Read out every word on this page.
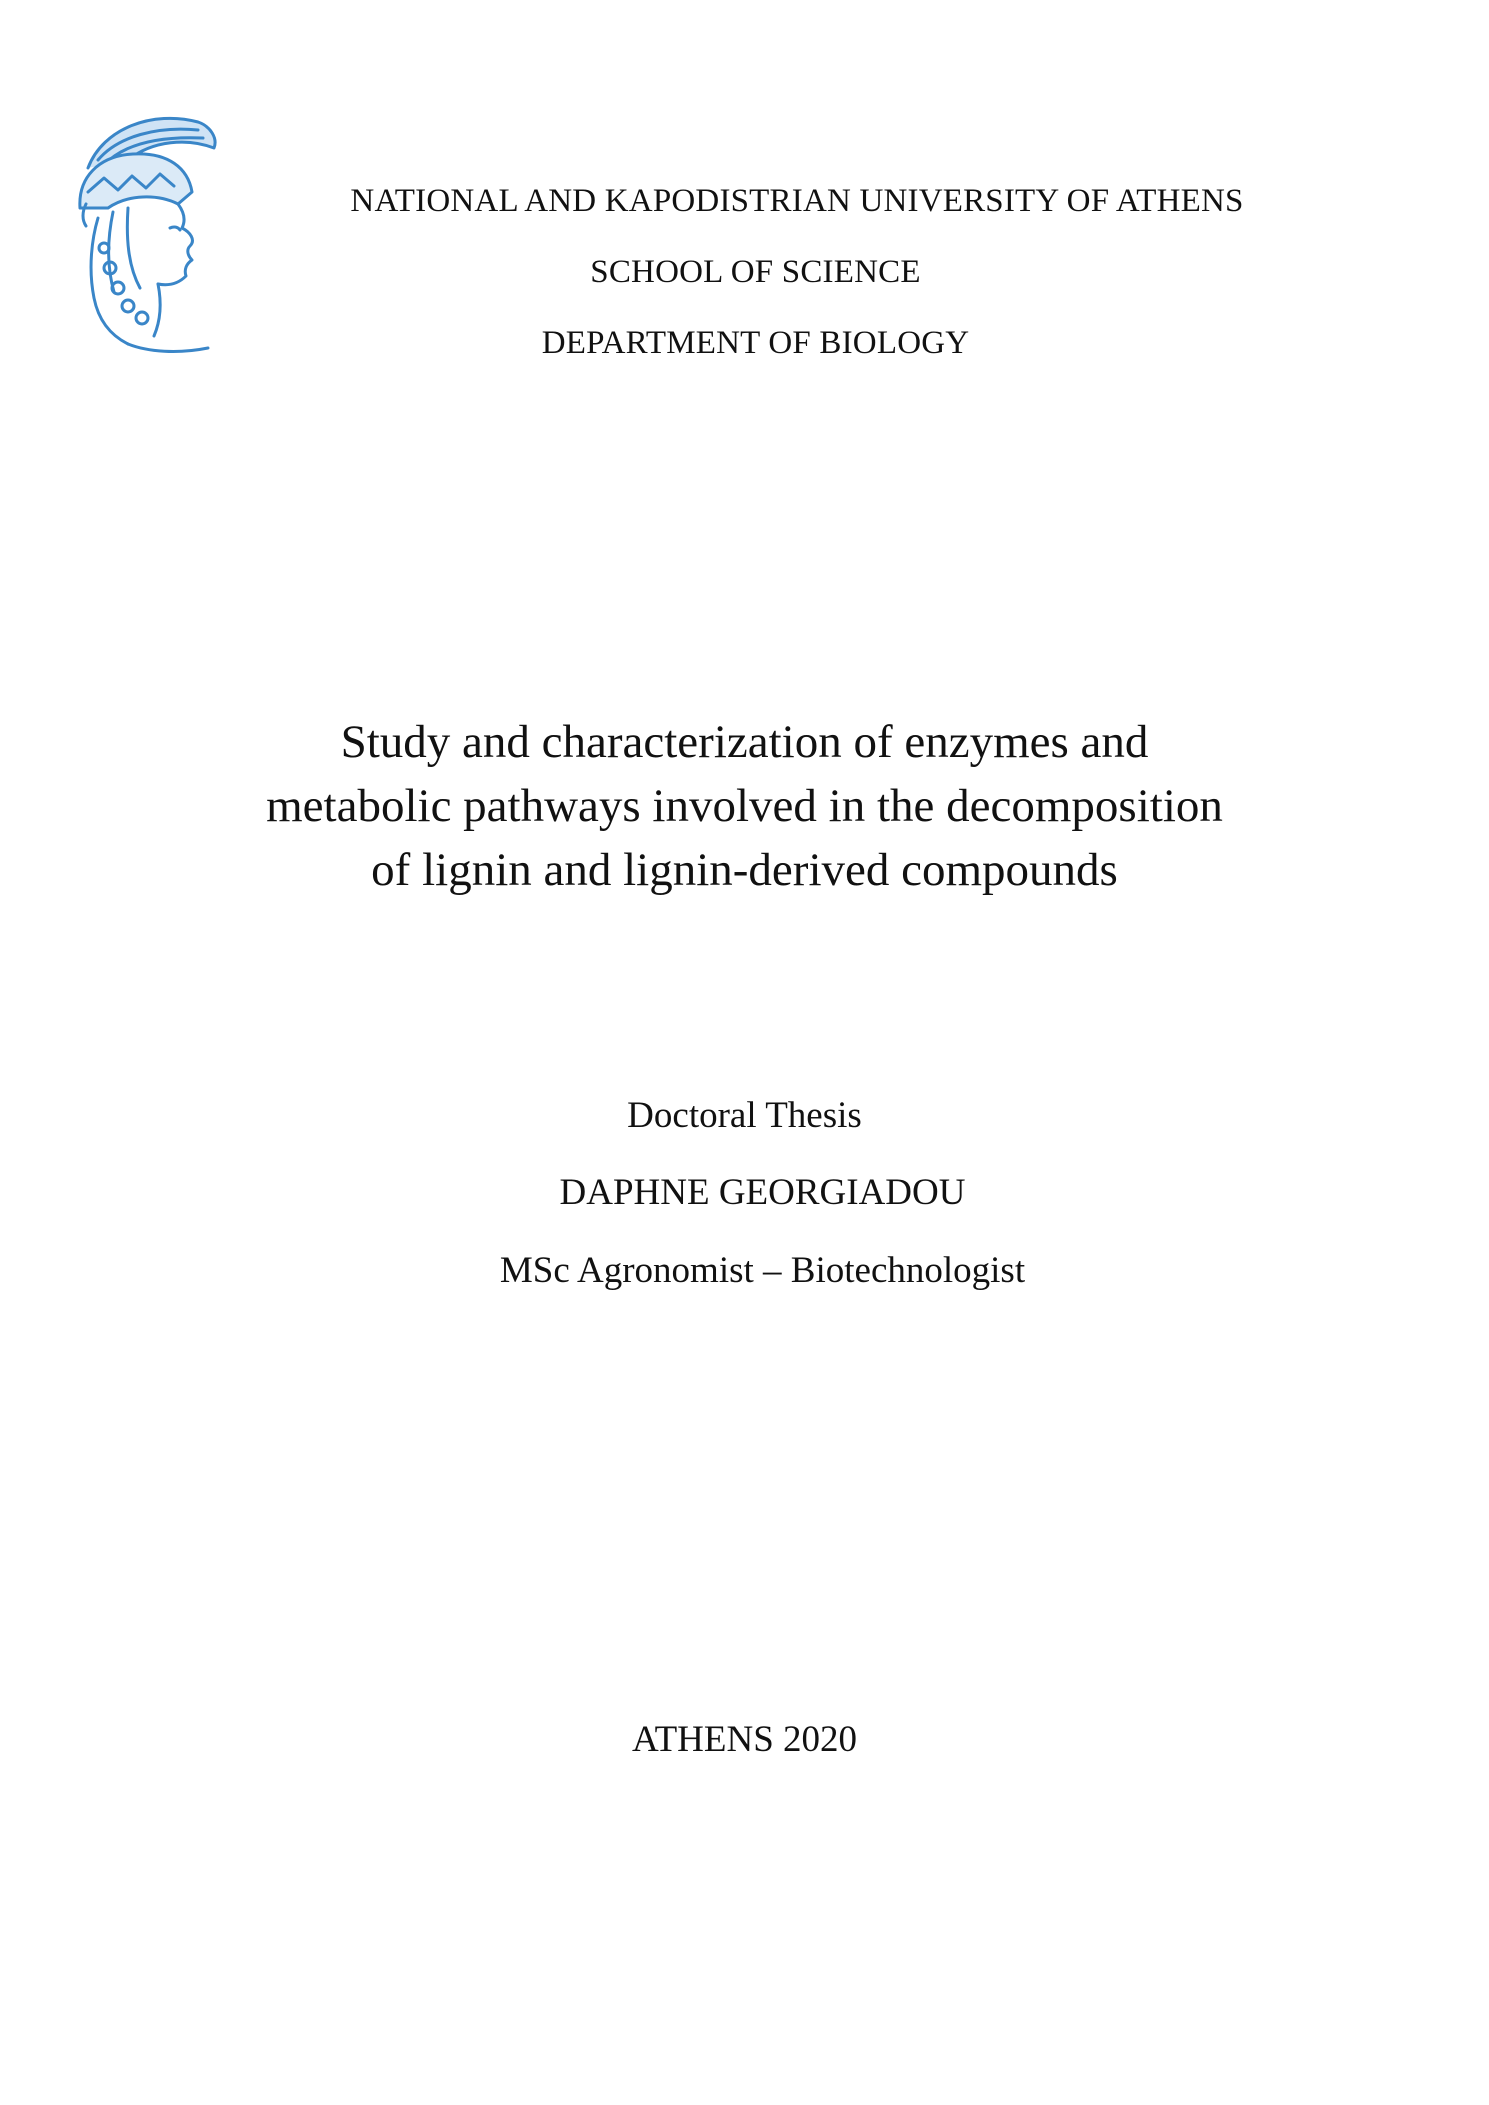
NATIONAL AND KAPODISTRIAN UNIVERSITY OF ATHENS
SCHOOL OF SCIENCE
DEPARTMENT OF BIOLOGY
Study and characterization of enzymes and
metabolic pathways involved in the decomposition
of lignin and lignin-derived compounds
Doctoral Thesis
DAPHNE GEORGIADOU
MSc Agronomist – Biotechnologist
ATHENS 2020
